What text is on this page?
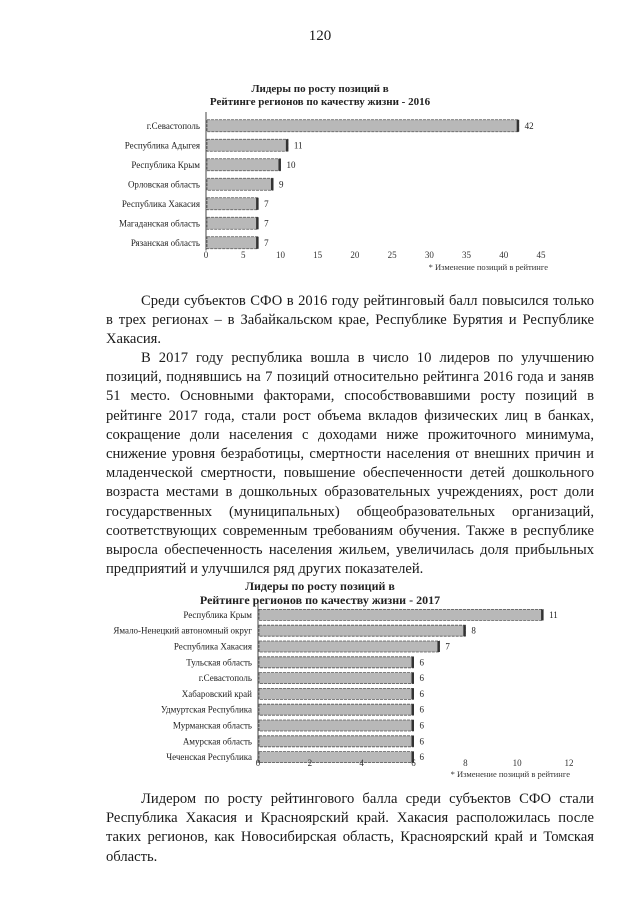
120
Лидеры по росту позиций в
Рейтинге регионов по качеству жизни - 2016
г.Севастополь	42
Республика Адыгея	11
Республика Крым	10
Орловская область	9
Республика Хакасия	7
Магаданская область	7
Рязанская область	7
0	5	10	15	20	25	30	35	40	45
* Изменение позиций в рейтинге

Среди субъектов СФО в 2016 году рейтинговый балл повысился только в трех регионах – в Забайкальском крае, Республике Бурятия и Республике Хакасия.

В 2017 году республика вошла в число 10 лидеров по улучшению позиций, поднявшись на 7 позиций относительно рейтинга 2016 года и заняв 51 место. Основными факторами, способствовавшими росту позиций в рейтинге 2017 года, стали рост объема вкладов физических лиц в банках, сокращение доли населения с доходами ниже прожиточного минимума, снижение уровня безработицы, смертности населения от внешних причин и младенческой смертности, повышение обеспеченности детей дошкольного возраста местами в дошкольных образовательных учреждениях, рост доли государственных (муниципальных) общеобразовательных организаций, соответствующих современным требованиям обучения. Также в республике выросла обеспеченность населения жильем, увеличилась доля прибыльных предприятий и улучшился ряд других показателей.

Лидеры по росту позиций в
Рейтинге регионов по качеству жизни - 2017
Республика Крым	11
Ямало-Ненецкий автономный округ	8
Республика Хакасия	7
Тульская область	6
г.Севастополь	6
Хабаровский край	6
Удмуртская Республика	6
Мурманская область	6
Амурская область	6
Чеченская Республика	6
0	2	4	6	8	10	12
* Изменение позиций в рейтинге

Лидером по росту рейтингового балла среди субъектов СФО стали Республика Хакасия и Красноярский край. Хакасия расположилась после таких регионов, как Новосибирская область, Красноярский край и Томская область.
